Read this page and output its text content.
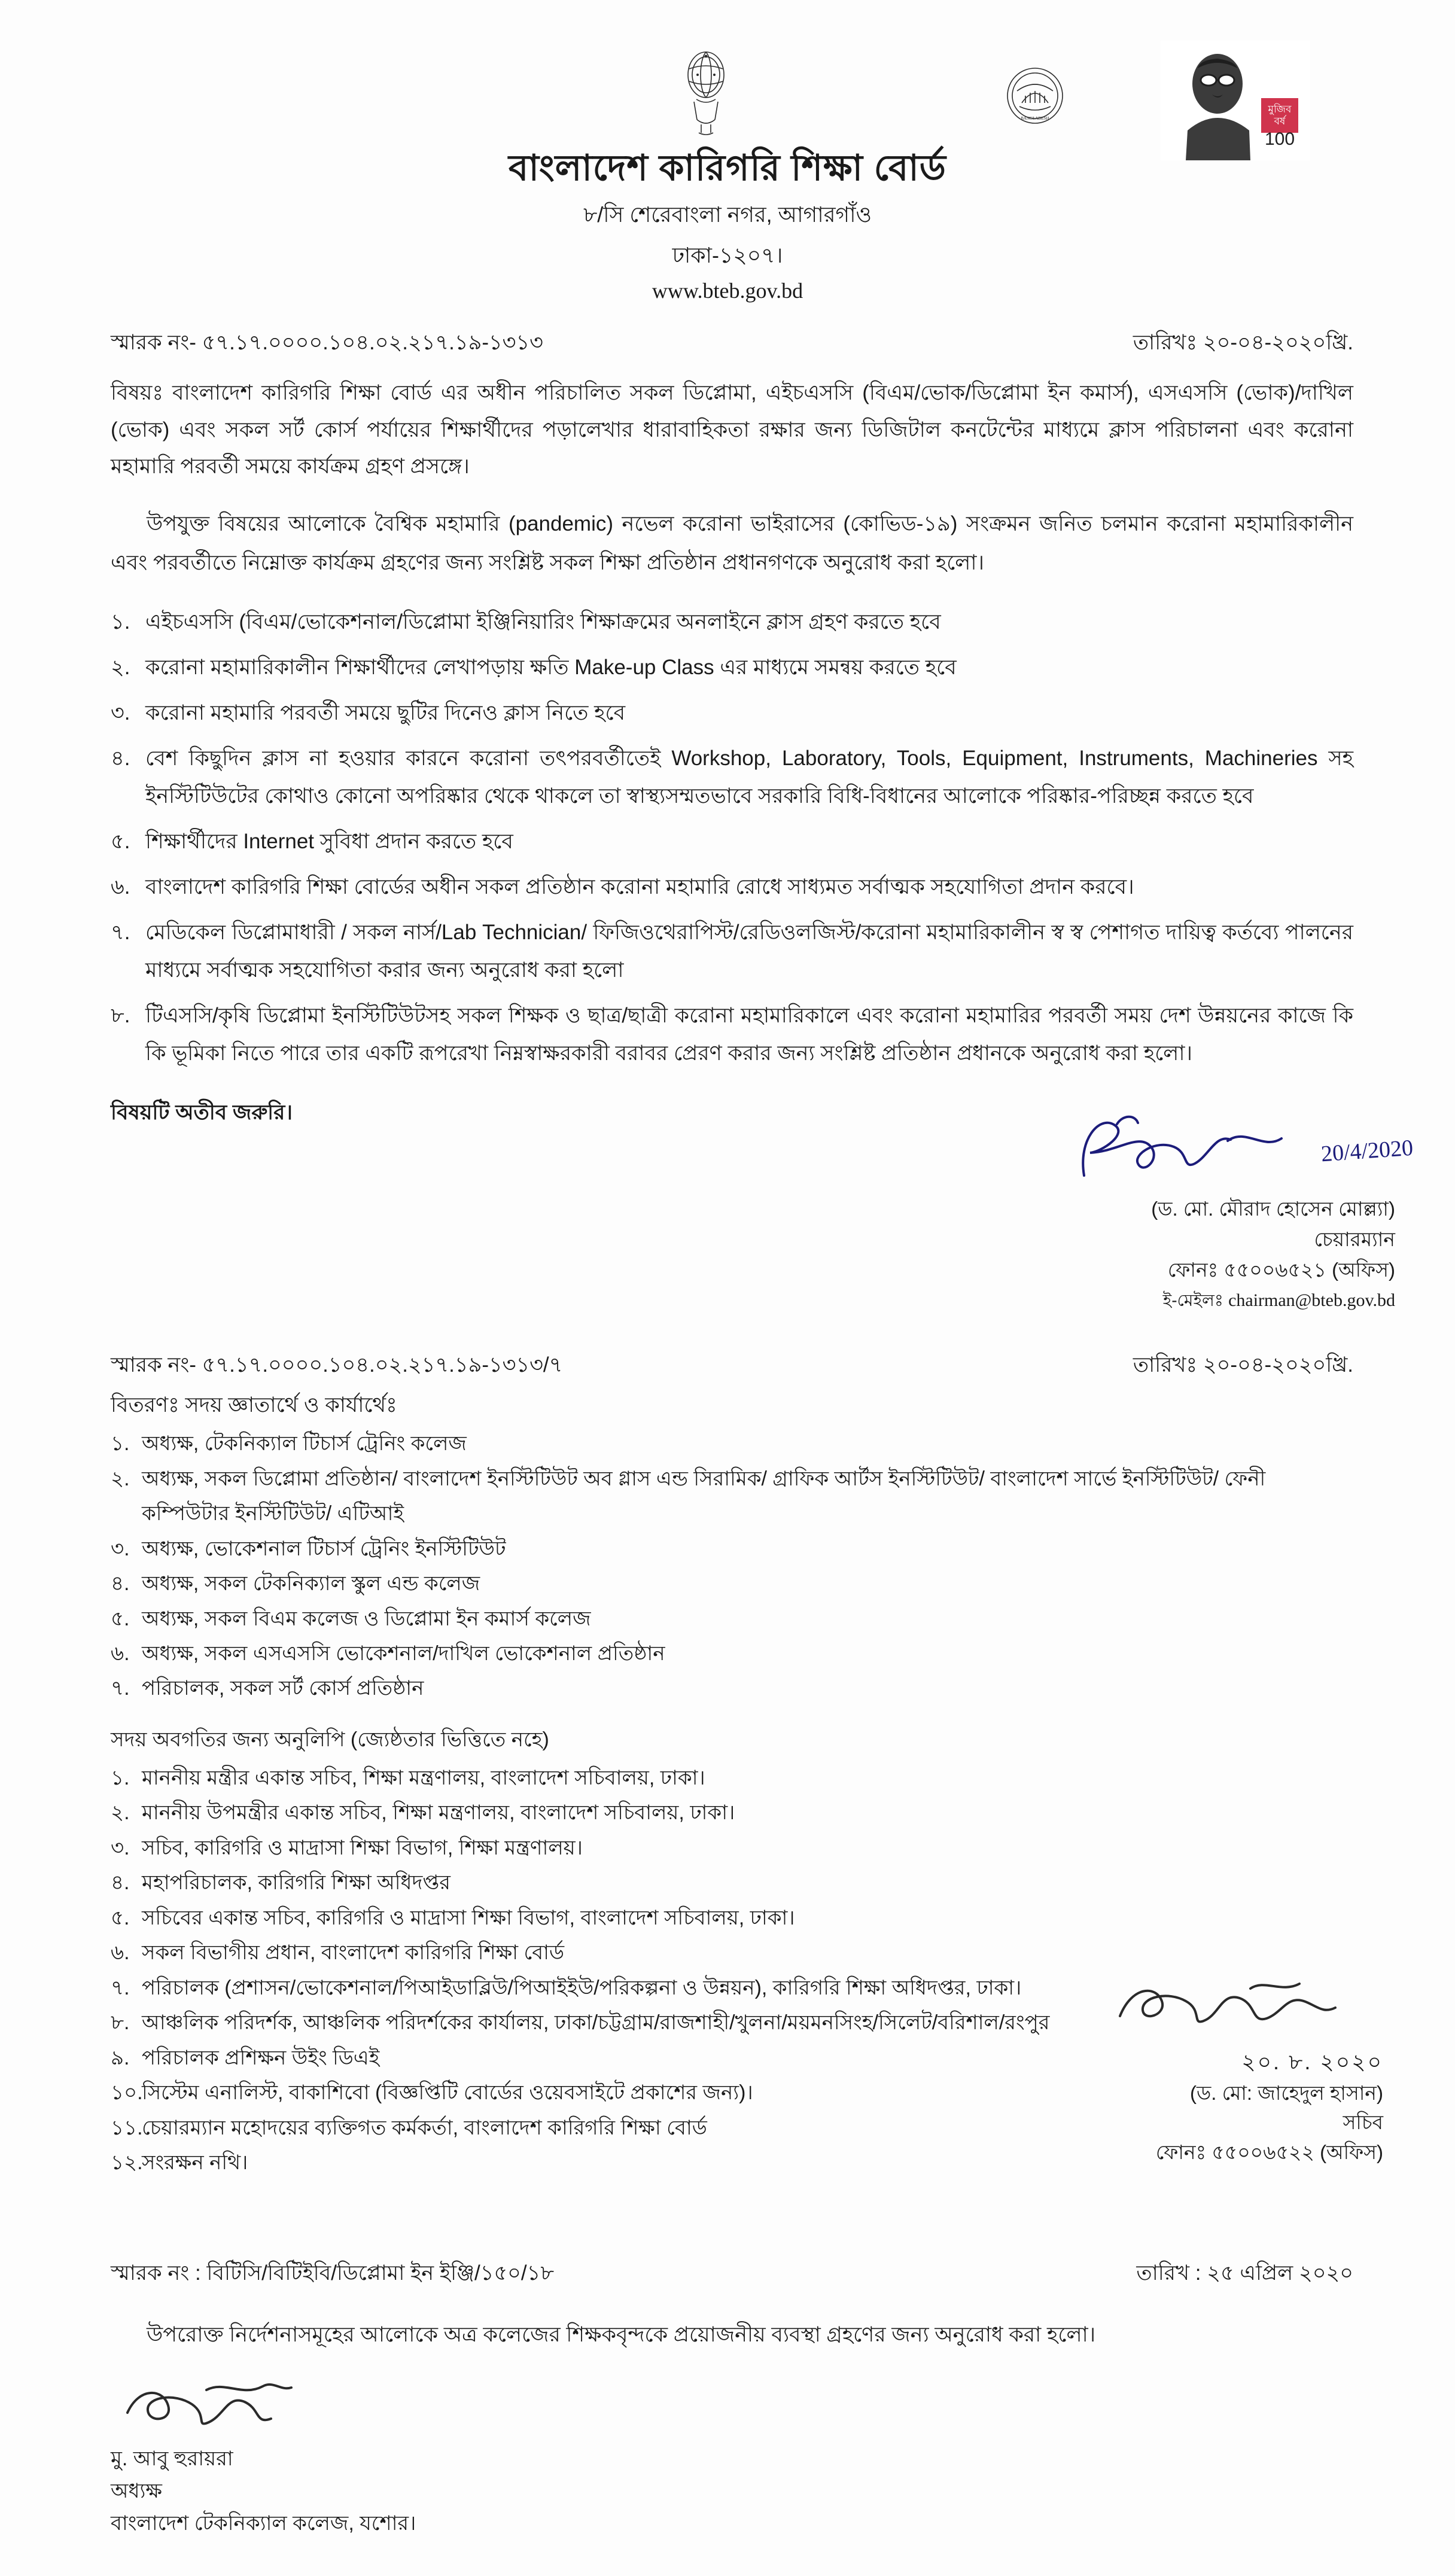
BANGLADESH
মুজিব
বর্ষ
100
বাংলাদেশ কারিগরি শিক্ষা বোর্ড
৮/সি শেরেবাংলা নগর, আগারগাঁও
ঢাকা-১২০৭।
www.bteb.gov.bd
স্মারক নং- ৫৭.১৭.০০০০.১০৪.০২.২১৭.১৯-১৩১৩	তারিখঃ ২০-০৪-২০২০খ্রি.
বিষয়ঃ বাংলাদেশ কারিগরি শিক্ষা বোর্ড এর অধীন পরিচালিত সকল ডিপ্লোমা, এইচএসসি (বিএম/ভোক/ডিপ্লোমা ইন কমার্স), এসএসসি (ভোক)/দাখিল (ভোক) এবং সকল সর্ট কোর্স পর্যায়ের শিক্ষার্থীদের পড়ালেখার ধারাবাহিকতা রক্ষার জন্য ডিজিটাল কনটেন্টের মাধ্যমে ক্লাস পরিচালনা এবং করোনা মহামারি পরবর্তী সময়ে কার্যক্রম গ্রহণ প্রসঙ্গে।
উপযুক্ত বিষয়ের আলোকে বৈশ্বিক মহামারি (pandemic) নভেল করোনা ভাইরাসের (কোভিড-১৯) সংক্রমন জনিত চলমান করোনা মহামারিকালীন এবং পরবর্তীতে নিম্নোক্ত কার্যক্রম গ্রহণের জন্য সংশ্লিষ্ট সকল শিক্ষা প্রতিষ্ঠান প্রধানগণকে অনুরোধ করা হলো।
১. এইচএসসি (বিএম/ভোকেশনাল/ডিপ্লোমা ইঞ্জিনিয়ারিং শিক্ষাক্রমের অনলাইনে ক্লাস গ্রহণ করতে হবে
২. করোনা মহামারিকালীন শিক্ষার্থীদের লেখাপড়ায় ক্ষতি Make-up Class এর মাধ্যমে সমন্বয় করতে হবে
৩. করোনা মহামারি পরবর্তী সময়ে ছুটির দিনেও ক্লাস নিতে হবে
৪. বেশ কিছুদিন ক্লাস না হওয়ার কারনে করোনা তৎপরবর্তীতেই Workshop, Laboratory, Tools, Equipment, Instruments, Machineries সহ ইনস্টিটিউটের কোথাও কোনো অপরিষ্কার থেকে থাকলে তা স্বাস্থ্যসম্মতভাবে সরকারি বিধি-বিধানের আলোকে পরিষ্কার-পরিচ্ছন্ন করতে হবে
৫. শিক্ষার্থীদের Internet সুবিধা প্রদান করতে হবে
৬. বাংলাদেশ কারিগরি শিক্ষা বোর্ডের অধীন সকল প্রতিষ্ঠান করোনা মহামারি রোধে সাধ্যমত সর্বাত্মক সহযোগিতা প্রদান করবে।
৭. মেডিকেল ডিপ্লোমাধারী / সকল নার্স/Lab Technician/ ফিজিওথেরাপিস্ট/রেডিওলজিস্ট/করোনা মহামারিকালীন স্ব স্ব পেশাগত দায়িত্ব কর্তব্যে পালনের মাধ্যমে সর্বাত্মক সহযোগিতা করার জন্য অনুরোধ করা হলো
৮. টিএসসি/কৃষি ডিপ্লোমা ইনস্টিটিউটসহ সকল শিক্ষক ও ছাত্র/ছাত্রী করোনা মহামারিকালে এবং করোনা মহামারির পরবর্তী সময় দেশ উন্নয়নের কাজে কি কি ভূমিকা নিতে পারে তার একটি রূপরেখা নিম্নস্বাক্ষরকারী বরাবর প্রেরণ করার জন্য সংশ্লিষ্ট প্রতিষ্ঠান প্রধানকে অনুরোধ করা হলো।
বিষয়টি অতীব জরুরি।
20/4/2020
(ড. মো. মৌরাদ হোসেন মোল্ল্যা)
চেয়ারম্যান
ফোনঃ ৫৫০০৬৫২১ (অফিস)
ই-মেইলঃ chairman@bteb.gov.bd
স্মারক নং- ৫৭.১৭.০০০০.১০৪.০২.২১৭.১৯-১৩১৩/৭	তারিখঃ ২০-০৪-২০২০খ্রি.
বিতরণঃ সদয় জ্ঞাতার্থে ও কার্যার্থেঃ
১. অধ্যক্ষ, টেকনিক্যাল টিচার্স ট্রেনিং কলেজ
২. অধ্যক্ষ, সকল ডিপ্লোমা প্রতিষ্ঠান/ বাংলাদেশ ইনস্টিটিউট অব গ্লাস এন্ড সিরামিক/ গ্রাফিক আর্টস ইনস্টিটিউট/ বাংলাদেশ সার্ভে ইনস্টিটিউট/ ফেনী কম্পিউটার ইনস্টিটিউট/ এটিআই
৩. অধ্যক্ষ, ভোকেশনাল টিচার্স ট্রেনিং ইনস্টিটিউট
৪. অধ্যক্ষ, সকল টেকনিক্যাল স্কুল এন্ড কলেজ
৫. অধ্যক্ষ, সকল বিএম কলেজ ও ডিপ্লোমা ইন কমার্স কলেজ
৬. অধ্যক্ষ, সকল এসএসসি ভোকেশনাল/দাখিল ভোকেশনাল প্রতিষ্ঠান
৭. পরিচালক, সকল সর্ট কোর্স প্রতিষ্ঠান
সদয় অবগতির জন্য অনুলিপি (জ্যেষ্ঠতার ভিত্তিতে নহে)
১. মাননীয় মন্ত্রীর একান্ত সচিব, শিক্ষা মন্ত্রণালয়, বাংলাদেশ সচিবালয়, ঢাকা।
২. মাননীয় উপমন্ত্রীর একান্ত সচিব, শিক্ষা মন্ত্রণালয়, বাংলাদেশ সচিবালয়, ঢাকা।
৩. সচিব, কারিগরি ও মাদ্রাসা শিক্ষা বিভাগ, শিক্ষা মন্ত্রণালয়।
৪. মহাপরিচালক, কারিগরি শিক্ষা অধিদপ্তর
৫. সচিবের একান্ত সচিব, কারিগরি ও মাদ্রাসা শিক্ষা বিভাগ, বাংলাদেশ সচিবালয়, ঢাকা।
৬. সকল বিভাগীয় প্রধান, বাংলাদেশ কারিগরি শিক্ষা বোর্ড
৭. পরিচালক (প্রশাসন/ভোকেশনাল/পিআইডাব্লিউ/পিআইইউ/পরিকল্পনা ও উন্নয়ন), কারিগরি শিক্ষা অধিদপ্তর, ঢাকা।
৮. আঞ্চলিক পরিদর্শক, আঞ্চলিক পরিদর্শকের কার্যালয়, ঢাকা/চট্টগ্রাম/রাজশাহী/খুলনা/ময়মনসিংহ/সিলেট/বরিশাল/রংপুর
৯. পরিচালক প্রশিক্ষন উইং ডিএই
১০.
সিস্টেম এনালিস্ট, বাকাশিবো (বিজ্ঞপ্তিটি বোর্ডের ওয়েবসাইটে প্রকাশের জন্য)।
১১.
চেয়ারম্যান মহোদয়ের ব্যক্তিগত কর্মকর্তা, বাংলাদেশ কারিগরি শিক্ষা বোর্ড
১২.
সংরক্ষন নথি।
২০. ৮. ২০২০
(ড. মো: জাহেদুল হাসান)
সচিব
ফোনঃ ৫৫০০৬৫২২ (অফিস)
স্মারক নং : বিটিসি/বিটিইবি/ডিপ্লোমা ইন ইঞ্জি/১৫০/১৮	তারিখ : ২৫ এপ্রিল ২০২০
উপরোক্ত নির্দেশনাসমূহের আলোকে অত্র কলেজের শিক্ষকবৃন্দকে প্রয়োজনীয় ব্যবস্থা গ্রহণের জন্য অনুরোধ করা হলো।
মু. আবু হুরায়রা
অধ্যক্ষ
বাংলাদেশ টেকনিক্যাল কলেজ, যশোর।
